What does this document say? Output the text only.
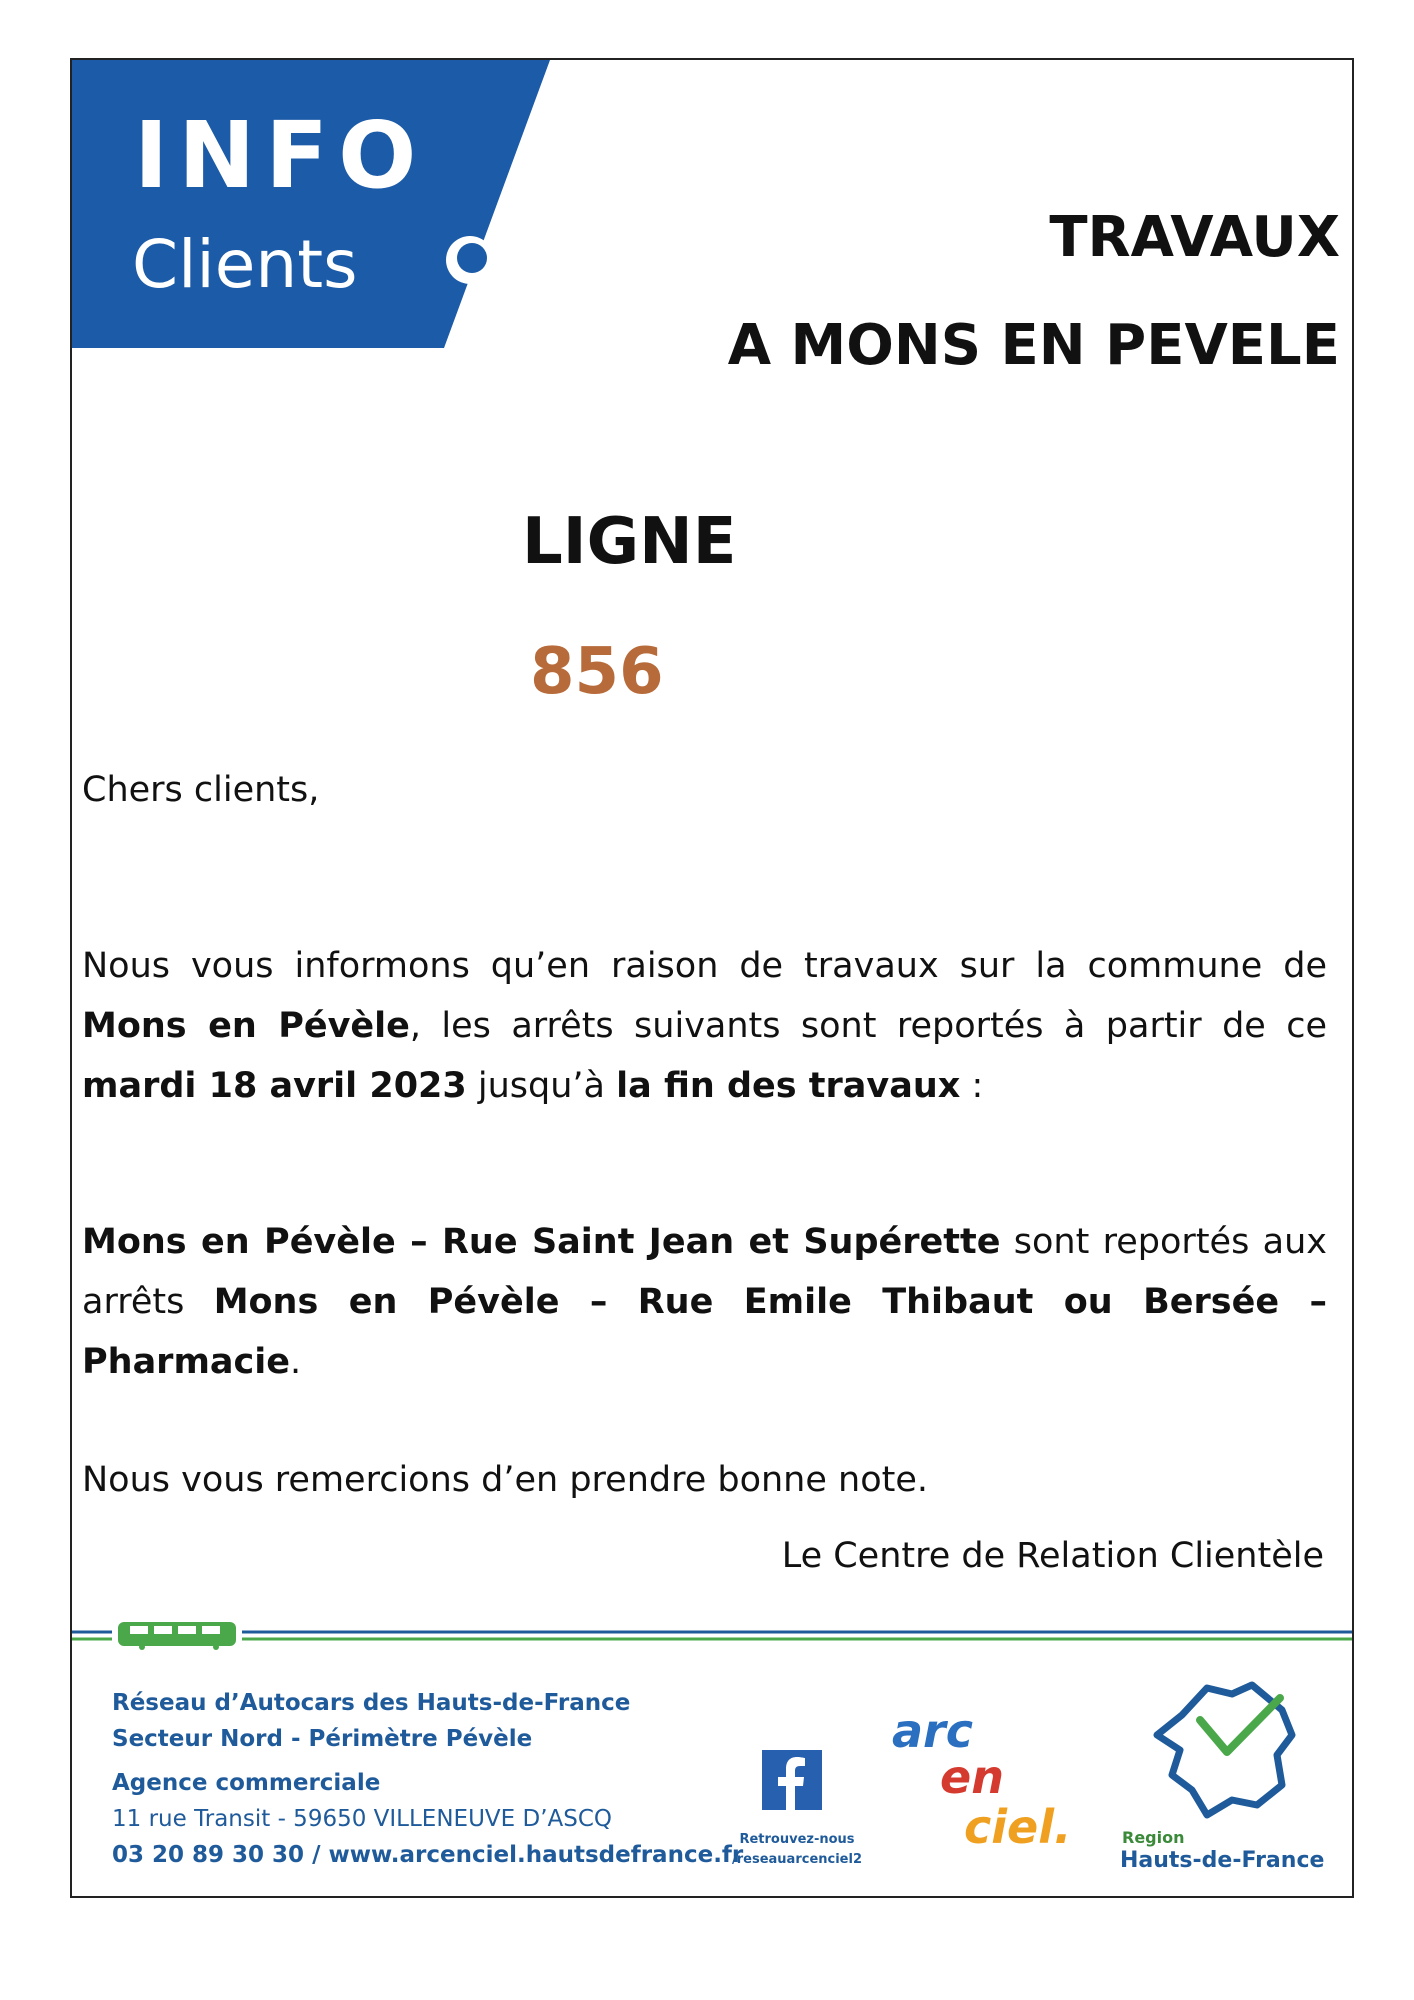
INFO
Clients	TRAVAUX
A MONS EN PEVELE
LIGNE
856
Chers clients,
Nous vous informons qu’en raison de travaux sur la commune de Mons en Pévèle, les arrêts suivants sont reportés à partir de ce mardi 18 avril 2023 jusqu’à la fin des travaux :
Mons en Pévèle – Rue Saint Jean et Supérette sont reportés aux arrêts Mons en Pévèle – Rue Emile Thibaut ou Bersée – Pharmacie.
Nous vous remercions d’en prendre bonne note.
Le Centre de Relation Clientèle
Réseau d’Autocars des Hauts-de-France
Secteur Nord - Périmètre Pévèle
Agence commerciale
11 rue Transit - 59650 VILLENEUVE D’ASCQ
03 20 89 30 30 / www.arcenciel.hautsdefrance.fr
Retrouvez-nous
/reseauarcenciel2
arc
en
ciel.	Region
Hauts-de-France
